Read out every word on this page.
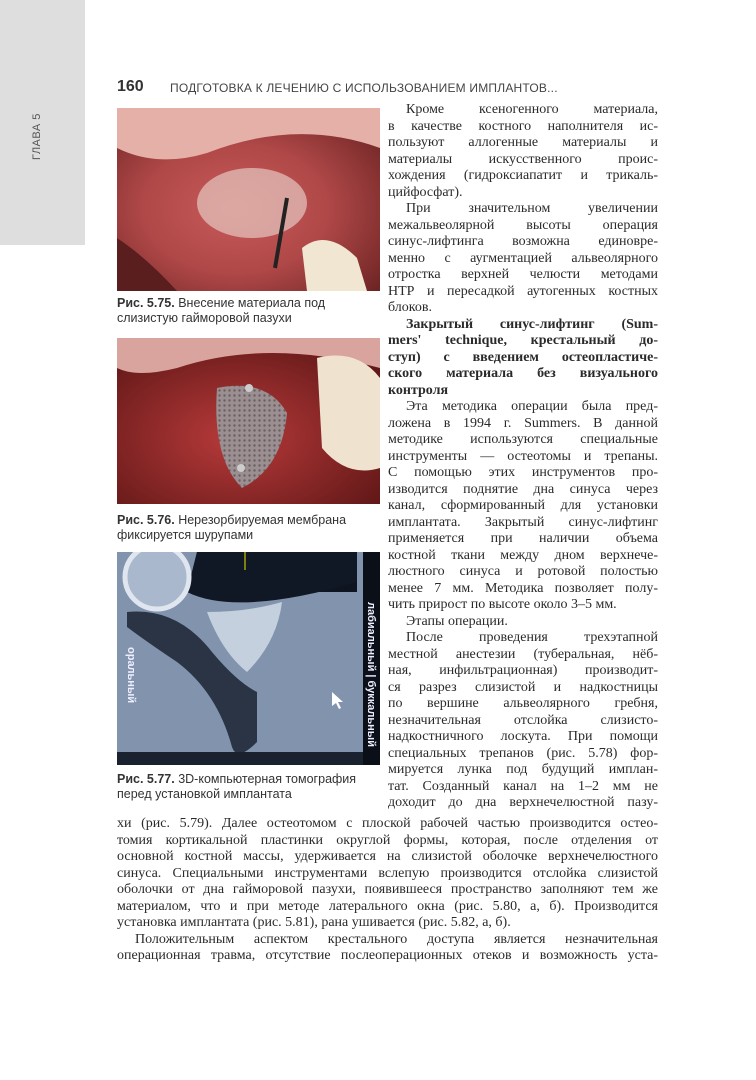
ГЛАВА 5
160 ПОДГОТОВКА К ЛЕЧЕНИЮ С ИСПОЛЬЗОВАНИЕМ ИМПЛАНТОВ...
Рис. 5.75. Внесение материала под слизистую гайморовой пазухи
Рис. 5.76. Нерезорбируемая мембрана фиксируется шурупами
оральный	лабиальный | буккальный
Рис. 5.77. 3D-компьютерная томография перед установкой имплантата
Кроме ксеногенного материала,
в качестве костного наполнителя ис-
пользуют аллогенные материалы и
материалы искусственного проис-
хождения (гидроксиапатит и трикаль-
цийфосфат).
При значительном увеличении
межальвеолярной высоты операция
синус-лифтинга возможна единовре-
менно с аугментацией альвеолярного
отростка верхней челюсти методами
НТР и пересадкой аутогенных костных
блоков.
Закрытый синус-лифтинг (Sum-
mers' technique, крестальный до-
ступ) с введением остеопластиче-
ского материала без визуального
контроля
Эта методика операции была пред-
ложена в 1994 г. Summers. В данной
методике используются специальные
инструменты — остеотомы и трепаны.
С помощью этих инструментов про-
изводится поднятие дна синуса через
канал, сформированный для установки
имплантата. Закрытый синус-лифтинг
применяется при наличии объема
костной ткани между дном верхнече-
люстного синуса и ротовой полостью
менее 7 мм. Методика позволяет полу-
чить прирост по высоте около 3–5 мм.
Этапы операции.
После проведения трехэтапной
местной анестезии (туберальная, нёб-
ная, инфильтрационная) производит-
ся разрез слизистой и надкостницы
по вершине альвеолярного гребня,
незначительная отслойка слизисто-
надкостничного лоскута. При помощи
специальных трепанов (рис. 5.78) фор-
мируется лунка под будущий имплан-
тат. Созданный канал на 1–2 мм не
доходит до дна верхнечелюстной пазу-
хи (рис. 5.79). Далее остеотомом с плоской рабочей частью производится остео-
томия кортикальной пластинки округлой формы, которая, после отделения от
основной костной массы, удерживается на слизистой оболочке верхнечелюстного
синуса. Специальными инструментами вслепую производится отслойка слизистой
оболочки от дна гайморовой пазухи, появившееся пространство заполняют тем же
материалом, что и при методе латерального окна (рис. 5.80, а, б). Производится
установка имплантата (рис. 5.81), рана ушивается (рис. 5.82, а, б).
Положительным аспектом крестального доступа является незначительная
операционная травма, отсутствие послеоперационных отеков и возможность уста-
